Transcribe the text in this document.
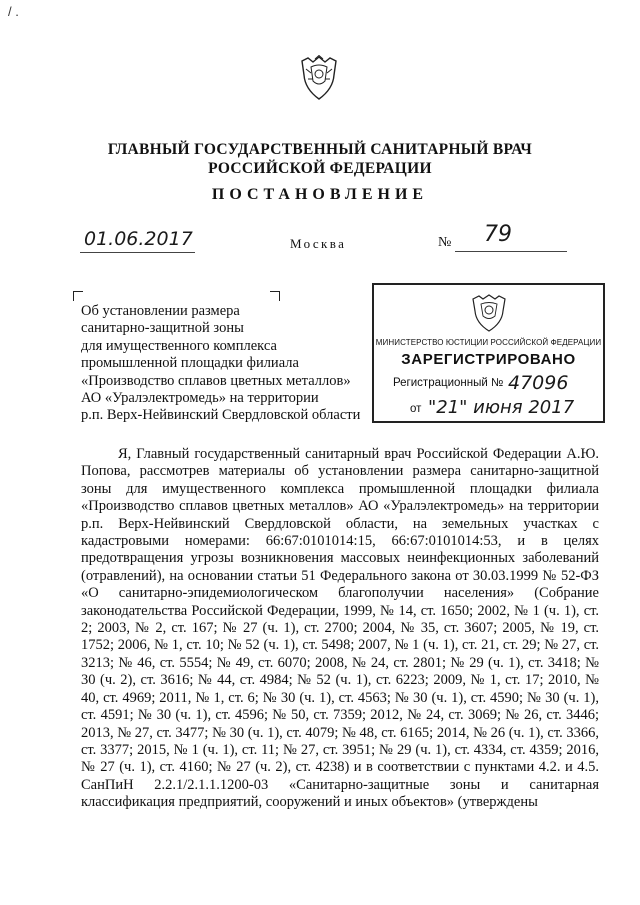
/ .
ГЛАВНЫЙ ГОСУДАРСТВЕННЫЙ САНИТАРНЫЙ ВРАЧ
РОССИЙСКОЙ ФЕДЕРАЦИИ
ПОСТАНОВЛЕНИЕ
01.06.2017	Москва	№ 79
Об установлении размера
санитарно-защитной зоны
для имущественного комплекса
промышленной площадки филиала
«Производство сплавов цветных металлов»
АО «Уралэлектромедь» на территории
р.п. Верх-Нейвинский Свердловской области
МИНИСТЕРСТВО ЮСТИЦИИ РОССИЙСКОЙ ФЕДЕРАЦИИ
ЗАРЕГИСТРИРОВАНО
Регистрационный № 47096
от "21" июня 2017

Я, Главный государственный санитарный врач Российской Федерации А.Ю. Попова, рассмотрев материалы об установлении размера санитарно-защитной зоны для имущественного комплекса промышленной площадки филиала «Производство сплавов цветных металлов» АО «Уралэлектромедь» на территории р.п. Верх-Нейвинский Свердловской области, на земельных участках с кадастровыми номерами: 66:67:0101014:15, 66:67:0101014:53, и в целях предотвращения угрозы возникновения массовых неинфекционных заболеваний (отравлений), на основании статьи 51 Федерального закона от 30.03.1999 № 52-ФЗ «О санитарно-эпидемиологическом благополучии населения» (Собрание законодательства Российской Федерации, 1999, № 14, ст. 1650; 2002, № 1 (ч. 1), ст. 2; 2003, № 2, ст. 167; № 27 (ч. 1), ст. 2700; 2004, № 35, ст. 3607; 2005, № 19, ст. 1752; 2006, № 1, ст. 10; № 52 (ч. 1), ст. 5498; 2007, № 1 (ч. 1), ст. 21, ст. 29; № 27, ст. 3213; № 46, ст. 5554; № 49, ст. 6070; 2008, № 24, ст. 2801; № 29 (ч. 1), ст. 3418; № 30 (ч. 2), ст. 3616; № 44, ст. 4984; № 52 (ч. 1), ст. 6223; 2009, № 1, ст. 17; 2010, № 40, ст. 4969; 2011, № 1, ст. 6; № 30 (ч. 1), ст. 4563; № 30 (ч. 1), ст. 4590; № 30 (ч. 1), ст. 4591; № 30 (ч. 1), ст. 4596; № 50, ст. 7359; 2012, № 24, ст. 3069; № 26, ст. 3446; 2013, № 27, ст. 3477; № 30 (ч. 1), ст. 4079; № 48, ст. 6165; 2014, № 26 (ч. 1), ст. 3366, ст. 3377; 2015, № 1 (ч. 1), ст. 11; № 27, ст. 3951; № 29 (ч. 1), ст. 4334, ст. 4359; 2016, № 27 (ч. 1), ст. 4160; № 27 (ч. 2), ст. 4238) и в соответствии с пунктами 4.2. и 4.5. СанПиН 2.2.1/2.1.1.1200-03 «Санитарно-защитные зоны и санитарная классификация предприятий, сооружений и иных объектов» (утверждены
